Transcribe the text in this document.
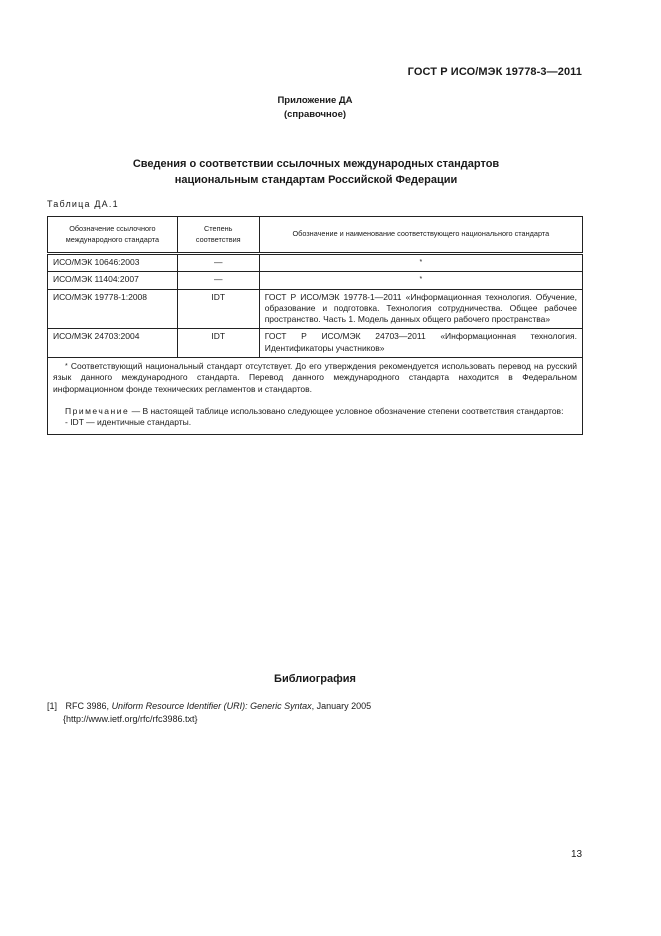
ГОСТ Р ИСО/МЭК 19778-3—2011
Приложение ДА
(справочное)
Сведения о соответствии ссылочных международных стандартов
национальным стандартам Российской Федерации
Таблица ДА.1
Обозначение ссылочного международного стандарта	Степень соответствия	Обозначение и наименование соответствующего национального стандарта
ИСО/МЭК 10646:2003	—	*
ИСО/МЭК 11404:2007	—	*
ИСО/МЭК 19778-1:2008	IDT	ГОСТ Р ИСО/МЭК 19778-1—2011 «Информационная технология. Обучение, образование и подготовка. Технология сотрудничества. Общее рабочее пространство. Часть 1. Модель данных общего рабочего пространства»
ИСО/МЭК 24703:2004	IDT	ГОСТ Р ИСО/МЭК 24703—2011 «Информационная технология. Идентификаторы участников»

* Соответствующий национальный стандарт отсутствует. До его утверждения рекомендуется использовать перевод на русский язык данного международного стандарта. Перевод данного международного стандарта находится в Федеральном информационном фонде технических регламентов и стандартов.

Примечание — В настоящей таблице использовано следующее условное обозначение степени соответствия стандартов:

- IDT — идентичные стандарты.		
Библиография
[1] RFC 3986, Uniform Resource Identifier (URI): Generic Syntax, January 2005
{http://www.ietf.org/rfc/rfc3986.txt}
13
